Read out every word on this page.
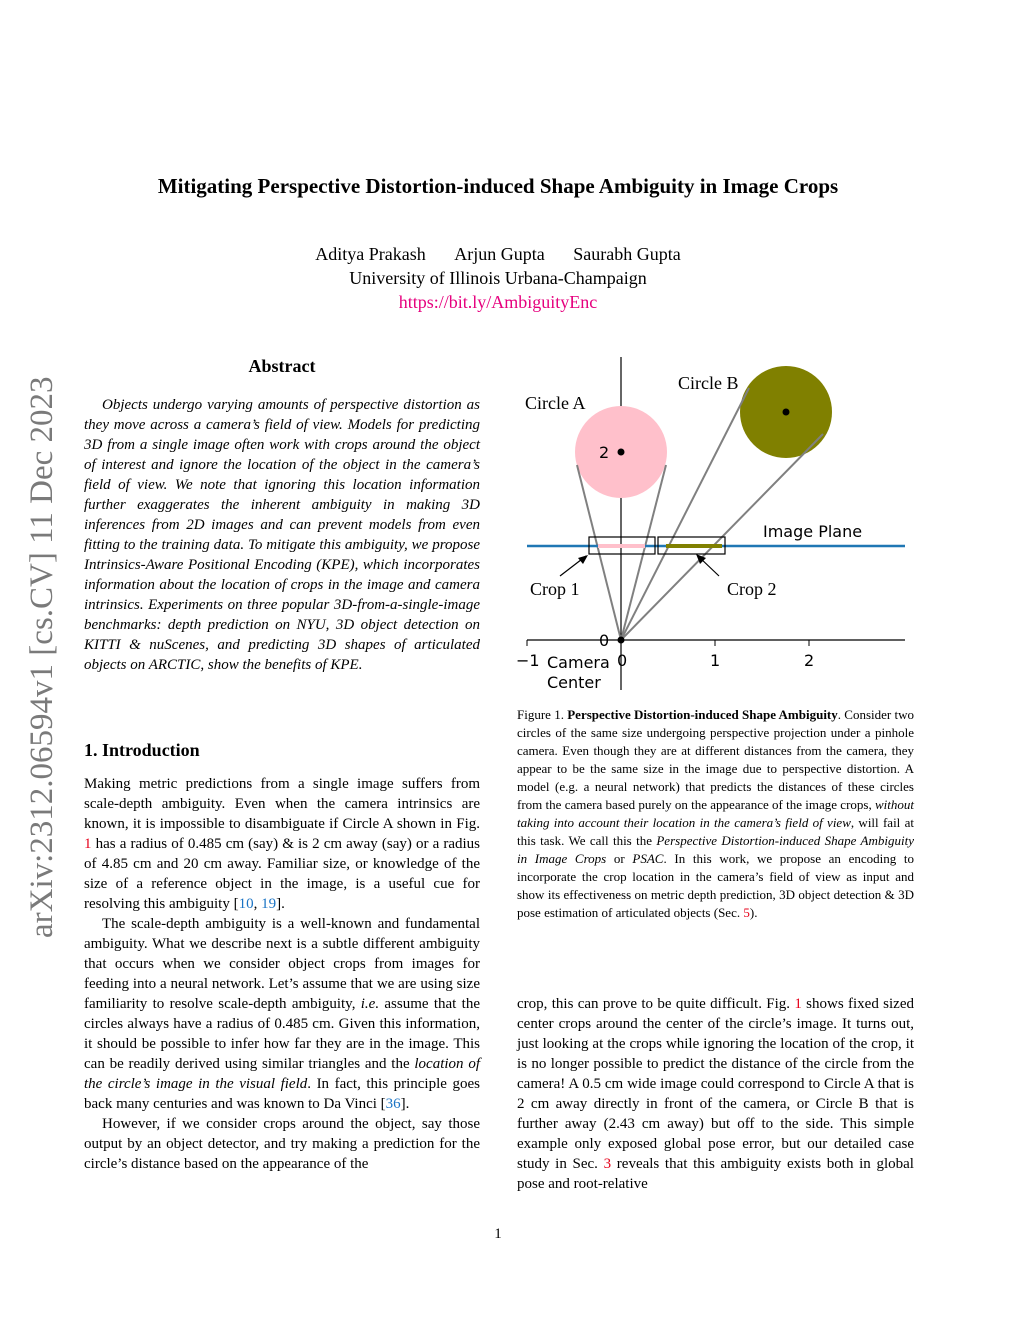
Mitigating Perspective Distortion-induced Shape Ambiguity in Image Crops
Aditya Prakash Arjun Gupta Saurabh Gupta
University of Illinois Urbana-Champaign
https://bit.ly/AmbiguityEnc
arXiv:2312.06594v1 [cs.CV] 11 Dec 2023
Abstract

Objects undergo varying amounts of perspective distortion as they move across a camera’s field of view. Models for predicting 3D from a single image often work with crops around the object of interest and ignore the location of the object in the camera’s field of view. We note that ignoring this location information further exaggerates the inherent ambiguity in making 3D inferences from 2D images and can prevent models from even fitting to the training data. To mitigate this ambiguity, we propose Intrinsics-Aware Positional Encoding (KPE), which incorporates information about the location of crops in the image and camera intrinsics. Experiments on three popular 3D-from-a-single-image benchmarks: depth prediction on NYU, 3D object detection on KITTI & nuScenes, and predicting 3D shapes of articulated objects on ARCTIC, show the benefits of KPE.

1. Introduction

Making metric predictions from a single image suffers from scale-depth ambiguity. Even when the camera intrinsics are known, it is impossible to disambiguate if Circle A shown in Fig. 1 has a radius of 0.485 cm (say) & is 2 cm away (say) or a radius of 4.85 cm and 20 cm away. Familiar size, or knowledge of the size of a reference object in the image, is a useful cue for resolving this ambiguity [10, 19].

The scale-depth ambiguity is a well-known and fundamental ambiguity. What we describe next is a subtle different ambiguity that occurs when we consider object crops from images for feeding into a neural network. Let’s assume that we are using size familiarity to resolve scale-depth ambiguity, i.e. assume that the circles always have a radius of 0.485 cm. Given this information, it should be possible to infer how far they are in the image. This can be readily derived using similar triangles and the location of the circle’s image in the visual field. In fact, this principle goes back many centuries and was known to Da Vinci [36].

However, if we consider crops around the object, say those output by an object detector, and try making a prediction for the circle’s distance based on the appearance of the

Circle A
Circle B
Image Plane
Crop 1	Crop 2
2
0
−1	0	1	2
Camera
Center

Figure 1. Perspective Distortion-induced Shape Ambiguity. Consider two circles of the same size undergoing perspective projection under a pinhole camera. Even though they are at different distances from the camera, they appear to be the same size in the image due to perspective distortion. A model (e.g. a neural network) that predicts the distances of these circles from the camera based purely on the appearance of the image crops, without taking into account their location in the camera’s field of view, will fail at this task. We call this the Perspective Distortion-induced Shape Ambiguity in Image Crops or PSAC. In this work, we propose an encoding to incorporate the crop location in the camera’s field of view as input and show its effectiveness on metric depth prediction, 3D object detection & 3D pose estimation of articulated objects (Sec. 5).

crop, this can prove to be quite difficult. Fig. 1 shows fixed sized center crops around the center of the circle’s image. It turns out, just looking at the crops while ignoring the location of the crop, it is no longer possible to predict the distance of the circle from the camera! A 0.5 cm wide image could correspond to Circle A that is 2 cm away directly in front of the camera, or Circle B that is further away (2.43 cm away) but off to the side. This simple example only exposed global pose error, but our detailed case study in Sec. 3 reveals that this ambiguity exists both in global pose and root-relative

1
